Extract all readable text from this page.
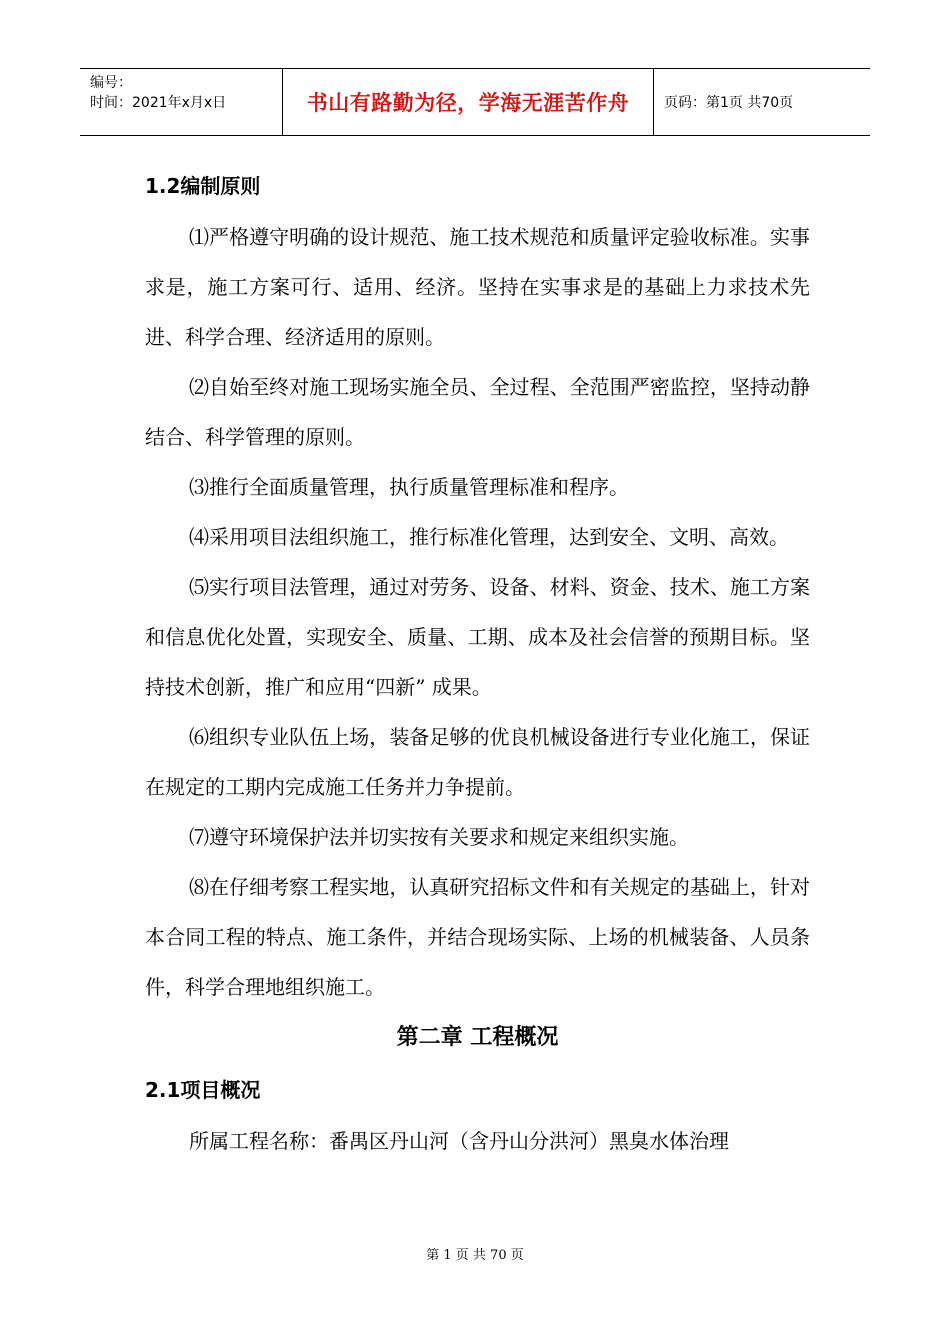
编号：
时间：2021年x月x日	书山有路勤为径，学海无涯苦作舟 页码：第1页 共70页

1.2编制原则

⑴严格遵守明确的设计规范、施工技术规范和质量评定验收标准。实事求是，施工方案可行、适用、经济。坚持在实事求是的基础上力求技术先进、科学合理、经济适用的原则。

⑵自始至终对施工现场实施全员、全过程、全范围严密监控，坚持动静结合、科学管理的原则。

⑶推行全面质量管理，执行质量管理标准和程序。

⑷采用项目法组织施工，推行标准化管理，达到安全、文明、高效。

⑸实行项目法管理，通过对劳务、设备、材料、资金、技术、施工方案和信息优化处置，实现安全、质量、工期、成本及社会信誉的预期目标。坚持技术创新，推广和应用“四新” 成果。

⑹组织专业队伍上场，装备足够的优良机械设备进行专业化施工，保证在规定的工期内完成施工任务并力争提前。

⑺遵守环境保护法并切实按有关要求和规定来组织实施。

⑻在仔细考察工程实地，认真研究招标文件和有关规定的基础上，针对本合同工程的特点、施工条件，并结合现场实际、上场的机械装备、人员条件，科学合理地组织施工。

第二章 工程概况

2.1项目概况

所属工程名称：番禺区丹山河（含丹山分洪河）黑臭水体治理

第 1 页 共 70 页
